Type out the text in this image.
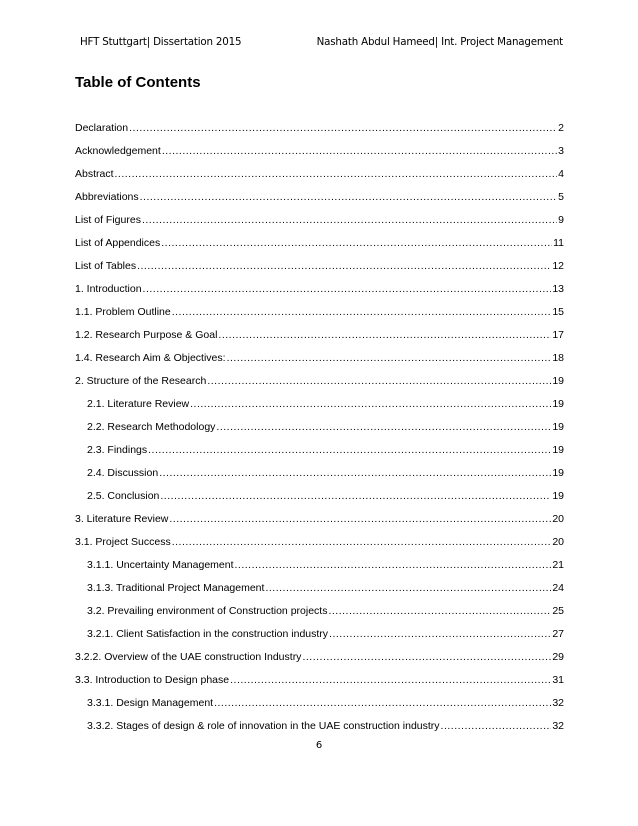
HFT Stuttgart| Dissertation 2015	Nashath Abdul Hameed| Int. Project Management
Table of Contents
Declaration .....	2
Acknowledgement .....	3
Abstract .....	4
Abbreviations .....	5
List of Figures .....	9
List of Appendices .....	11
List of Tables .....	12
1. Introduction .....	13
1.1. Problem Outline .....	15
1.2. Research Purpose & Goal .....	17
1.4. Research Aim & Objectives: .....	18
2. Structure of the Research .....	19
2.1. Literature Review .....	19
2.2. Research Methodology .....	19
2.3. Findings .....	19
2.4. Discussion .....	19
2.5. Conclusion .....	19
3. Literature Review .....	20
3.1. Project Success .....	20
3.1.1. Uncertainty Management .....	21
3.1.3. Traditional Project Management .....	24
3.2. Prevailing environment of Construction projects .....	25
3.2.1. Client Satisfaction in the construction industry .....	27
3.2.2. Overview of the UAE construction Industry .....	29
3.3. Introduction to Design phase .....	31
3.3.1. Design Management .....	32
3.3.2. Stages of design & role of innovation in the UAE construction industry .....	32
6
